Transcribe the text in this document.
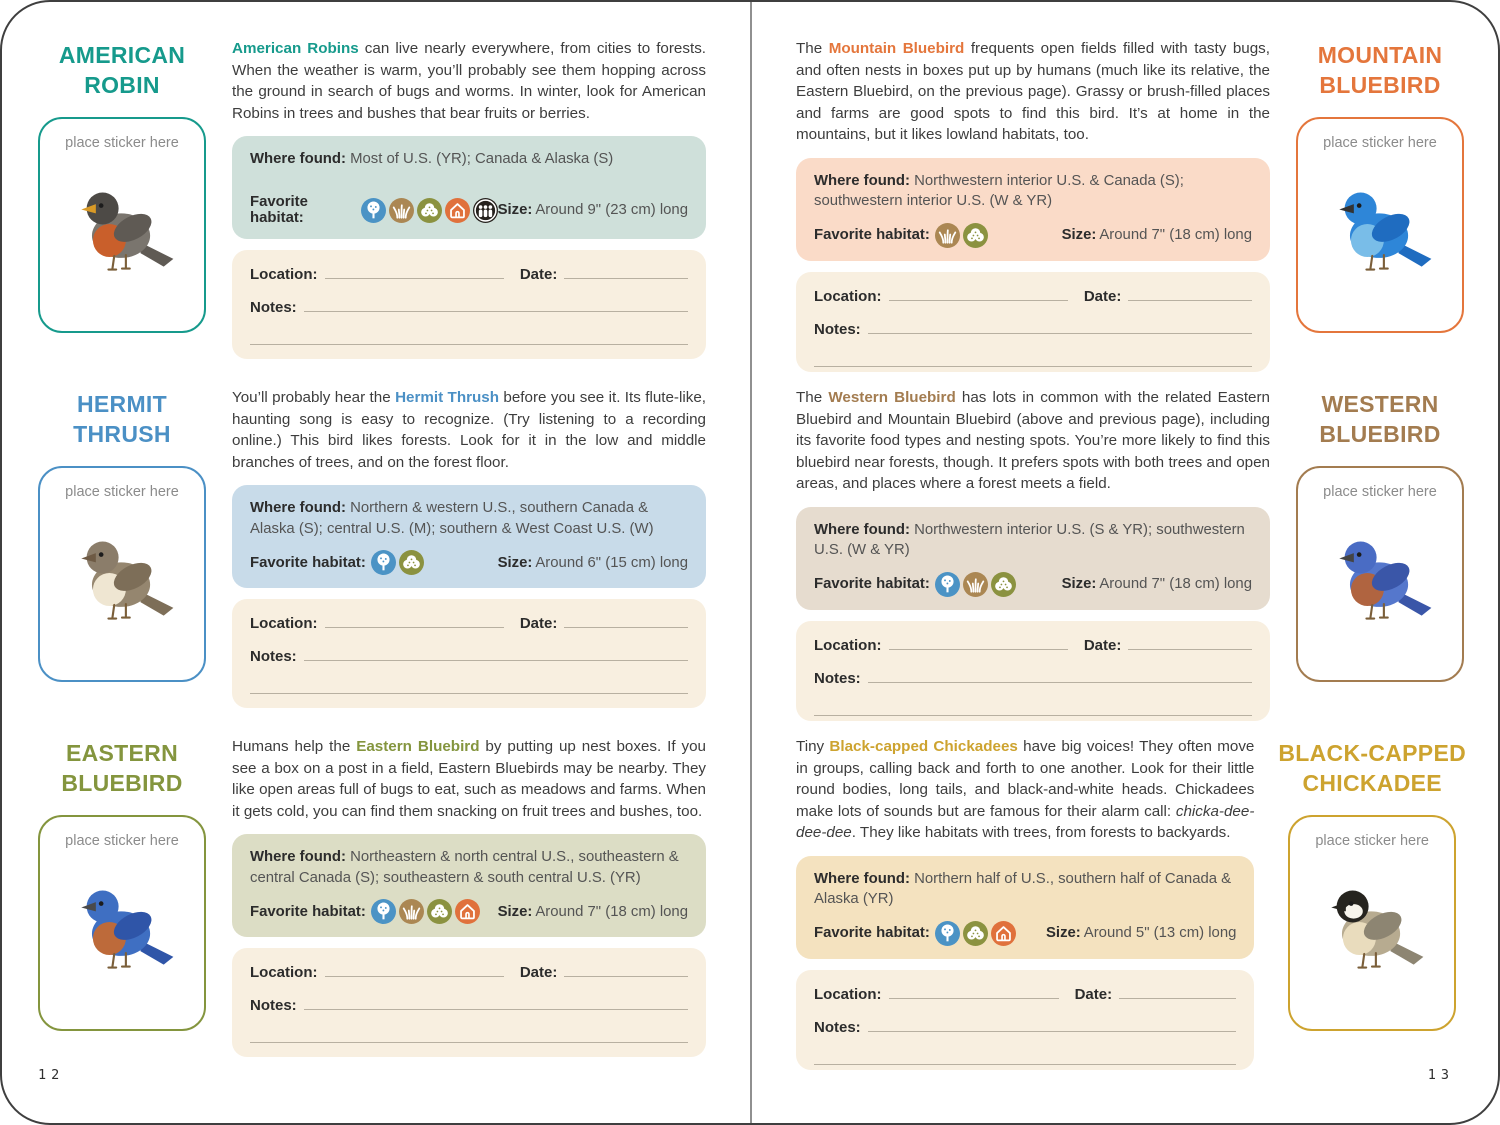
AMERICAN
ROBIN
place sticker here

American Robins can live nearly everywhere, from cities to forests. When the weather is warm, you’ll probably see them hopping across the ground in search of bugs and worms. In winter, look for American Robins in trees and bushes that bear fruits or berries.

Where found: Most of U.S. (YR); Canada & Alaska (S)

Favorite habitat:	Size: Around 9" (23 cm) long
Location:	Date:
Notes:
HERMIT
THRUSH
place sticker here

You’ll probably hear the Hermit Thrush before you see it. Its flute-like, haunting song is easy to recognize. (Try listening to a recording online.) This bird likes forests. Look for it in the low and middle branches of trees, and on the forest floor.

Where found: Northern & western U.S., southern Canada & Alaska (S); central U.S. (M); southern & West Coast U.S. (W)

Favorite habitat:	Size: Around 6" (15 cm) long
Location:	Date:
Notes:
EASTERN
BLUEBIRD
place sticker here

Humans help the Eastern Bluebird by putting up nest boxes. If you see a box on a post in a field, Eastern Bluebirds may be nearby. They like open areas full of bugs to eat, such as meadows and farms. When it gets cold, you can find them snacking on fruit trees and bushes, too.

Where found: Northeastern & north central U.S., southeastern & central Canada (S); southeastern & south central U.S. (YR)

Favorite habitat:	Size: Around 7" (18 cm) long
Location:	Date:
Notes:
MOUNTAIN
BLUEBIRD
place sticker here

The Mountain Bluebird frequents open fields filled with tasty bugs, and often nests in boxes put up by humans (much like its relative, the Eastern Bluebird, on the previous page). Grassy or brush-filled places and farms are good spots to find this bird. It’s at home in the mountains, but it likes lowland habitats, too.

Where found: Northwestern interior U.S. & Canada (S); southwestern interior U.S. (W & YR)

Favorite habitat:	Size: Around 7" (18 cm) long
Location:	Date:
Notes:
WESTERN
BLUEBIRD
place sticker here

The Western Bluebird has lots in common with the related Eastern Bluebird and Mountain Bluebird (above and previous page), including its favorite food types and nesting spots. You’re more likely to find this bluebird near forests, though. It prefers spots with both trees and open areas, and places where a forest meets a field.

Where found: Northwestern interior U.S. (S & YR); southwestern U.S. (W & YR)

Favorite habitat:	Size: Around 7" (18 cm) long
Location:	Date:
Notes:
BLACK-CAPPED
CHICKADEE
place sticker here

Tiny Black-capped Chickadees have big voices! They often move in groups, calling back and forth to one another. Look for their little round bodies, long tails, and black-and-white heads. Chickadees make lots of sounds but are famous for their alarm call: chicka-dee-dee-dee. They like habitats with trees, from forests to backyards.

Where found: Northern half of U.S., southern half of Canada & Alaska (YR)

Favorite habitat:	Size: Around 5" (13 cm) long
Location:	Date:
Notes:
12	13
